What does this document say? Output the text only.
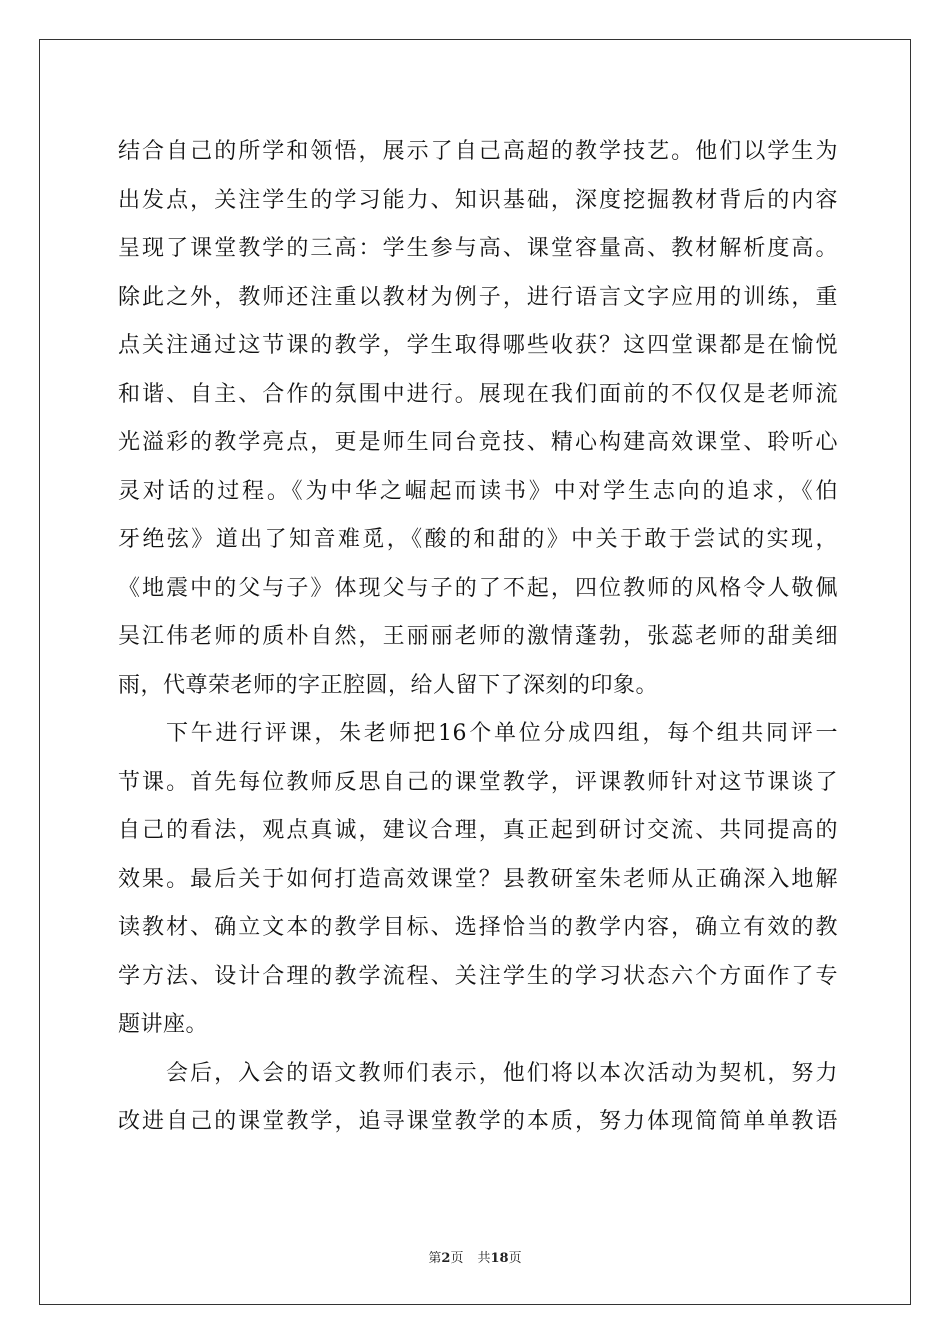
结合自己的所学和领悟，展示了自己高超的教学技艺。他们以学生为
出发点，关注学生的学习能力、知识基础，深度挖掘教材背后的内容
呈现了课堂教学的三高：学生参与高、课堂容量高、教材解析度高。
除此之外，教师还注重以教材为例子，进行语言文字应用的训练，重
点关注通过这节课的教学，学生取得哪些收获？这四堂课都是在愉悦
和谐、自主、合作的氛围中进行。展现在我们面前的不仅仅是老师流
光溢彩的教学亮点，更是师生同台竞技、精心构建高效课堂、聆听心
灵对话的过程。《为中华之崛起而读书》中对学生志向的追求，《伯
牙绝弦》道出了知音难觅，《酸的和甜的》中关于敢于尝试的实现，
《地震中的父与子》体现父与子的了不起，四位教师的风格令人敬佩
吴江伟老师的质朴自然，王丽丽老师的激情蓬勃，张蕊老师的甜美细
雨，代尊荣老师的字正腔圆，给人留下了深刻的印象。
下午进行评课，朱老师把16个单位分成四组，每个组共同评一
节课。首先每位教师反思自己的课堂教学，评课教师针对这节课谈了
自己的看法，观点真诚，建议合理，真正起到研讨交流、共同提高的
效果。最后关于如何打造高效课堂？县教研室朱老师从正确深入地解
读教材、确立文本的教学目标、选择恰当的教学内容，确立有效的教
学方法、设计合理的教学流程、关注学生的学习状态六个方面作了专
题讲座。
会后，入会的语文教师们表示，他们将以本次活动为契机，努力
改进自己的课堂教学，追寻课堂教学的本质，努力体现简简单单教语
第2页 共18页
